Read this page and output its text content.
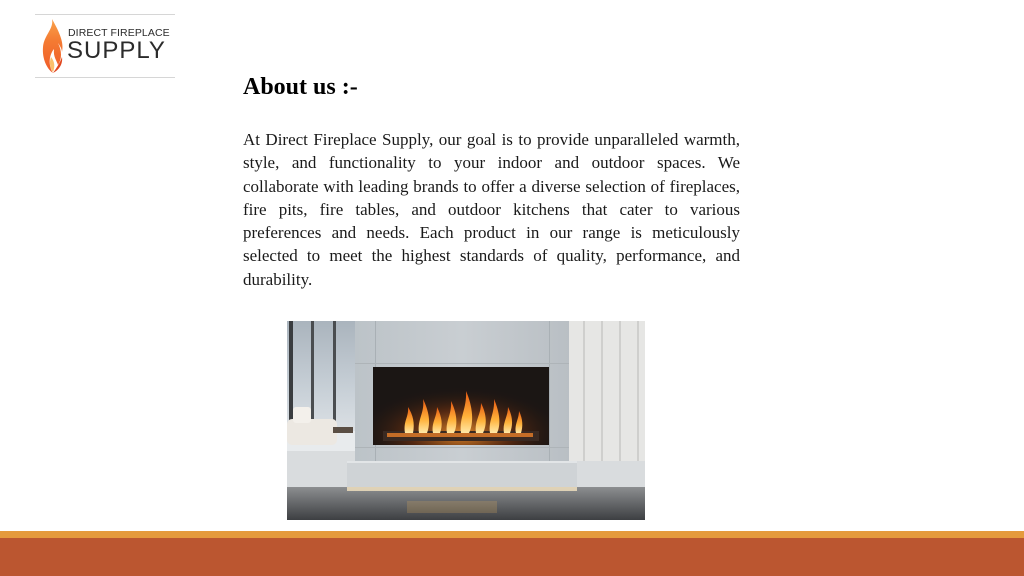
DIRECT FIREPLACE
SUPPLY
About us :-

At Direct Fireplace Supply, our goal is to provide unparalleled warmth, style, and functionality to your indoor and outdoor spaces. We collaborate with leading brands to offer a diverse selection of fireplaces, fire pits, fire tables, and outdoor kitchens that cater to various preferences and needs. Each product in our range is meticulously selected to meet the highest standards of quality, performance, and durability.
